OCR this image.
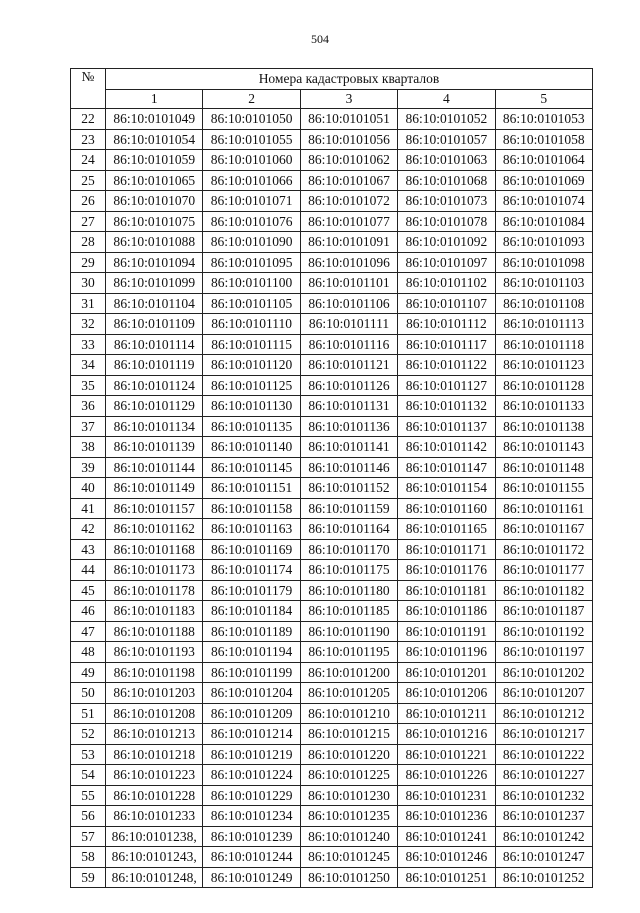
504
№	Номера кадастровых кварталов				
	1	2	3	4	5
22	86:10:0101049	86:10:0101050	86:10:0101051	86:10:0101052	86:10:0101053
23	86:10:0101054	86:10:0101055	86:10:0101056	86:10:0101057	86:10:0101058
24	86:10:0101059	86:10:0101060	86:10:0101062	86:10:0101063	86:10:0101064
25	86:10:0101065	86:10:0101066	86:10:0101067	86:10:0101068	86:10:0101069
26	86:10:0101070	86:10:0101071	86:10:0101072	86:10:0101073	86:10:0101074
27	86:10:0101075	86:10:0101076	86:10:0101077	86:10:0101078	86:10:0101084
28	86:10:0101088	86:10:0101090	86:10:0101091	86:10:0101092	86:10:0101093
29	86:10:0101094	86:10:0101095	86:10:0101096	86:10:0101097	86:10:0101098
30	86:10:0101099	86:10:0101100	86:10:0101101	86:10:0101102	86:10:0101103
31	86:10:0101104	86:10:0101105	86:10:0101106	86:10:0101107	86:10:0101108
32	86:10:0101109	86:10:0101110	86:10:0101111	86:10:0101112	86:10:0101113
33	86:10:0101114	86:10:0101115	86:10:0101116	86:10:0101117	86:10:0101118
34	86:10:0101119	86:10:0101120	86:10:0101121	86:10:0101122	86:10:0101123
35	86:10:0101124	86:10:0101125	86:10:0101126	86:10:0101127	86:10:0101128
36	86:10:0101129	86:10:0101130	86:10:0101131	86:10:0101132	86:10:0101133
37	86:10:0101134	86:10:0101135	86:10:0101136	86:10:0101137	86:10:0101138
38	86:10:0101139	86:10:0101140	86:10:0101141	86:10:0101142	86:10:0101143
39	86:10:0101144	86:10:0101145	86:10:0101146	86:10:0101147	86:10:0101148
40	86:10:0101149	86:10:0101151	86:10:0101152	86:10:0101154	86:10:0101155
41	86:10:0101157	86:10:0101158	86:10:0101159	86:10:0101160	86:10:0101161
42	86:10:0101162	86:10:0101163	86:10:0101164	86:10:0101165	86:10:0101167
43	86:10:0101168	86:10:0101169	86:10:0101170	86:10:0101171	86:10:0101172
44	86:10:0101173	86:10:0101174	86:10:0101175	86:10:0101176	86:10:0101177
45	86:10:0101178	86:10:0101179	86:10:0101180	86:10:0101181	86:10:0101182
46	86:10:0101183	86:10:0101184	86:10:0101185	86:10:0101186	86:10:0101187
47	86:10:0101188	86:10:0101189	86:10:0101190	86:10:0101191	86:10:0101192
48	86:10:0101193	86:10:0101194	86:10:0101195	86:10:0101196	86:10:0101197
49	86:10:0101198	86:10:0101199	86:10:0101200	86:10:0101201	86:10:0101202
50	86:10:0101203	86:10:0101204	86:10:0101205	86:10:0101206	86:10:0101207
51	86:10:0101208	86:10:0101209	86:10:0101210	86:10:0101211	86:10:0101212
52	86:10:0101213	86:10:0101214	86:10:0101215	86:10:0101216	86:10:0101217
53	86:10:0101218	86:10:0101219	86:10:0101220	86:10:0101221	86:10:0101222
54	86:10:0101223	86:10:0101224	86:10:0101225	86:10:0101226	86:10:0101227
55	86:10:0101228	86:10:0101229	86:10:0101230	86:10:0101231	86:10:0101232
56	86:10:0101233	86:10:0101234	86:10:0101235	86:10:0101236	86:10:0101237
57	86:10:0101238,	86:10:0101239	86:10:0101240	86:10:0101241	86:10:0101242
58	86:10:0101243,	86:10:0101244	86:10:0101245	86:10:0101246	86:10:0101247
59	86:10:0101248,	86:10:0101249	86:10:0101250	86:10:0101251	86:10:0101252
